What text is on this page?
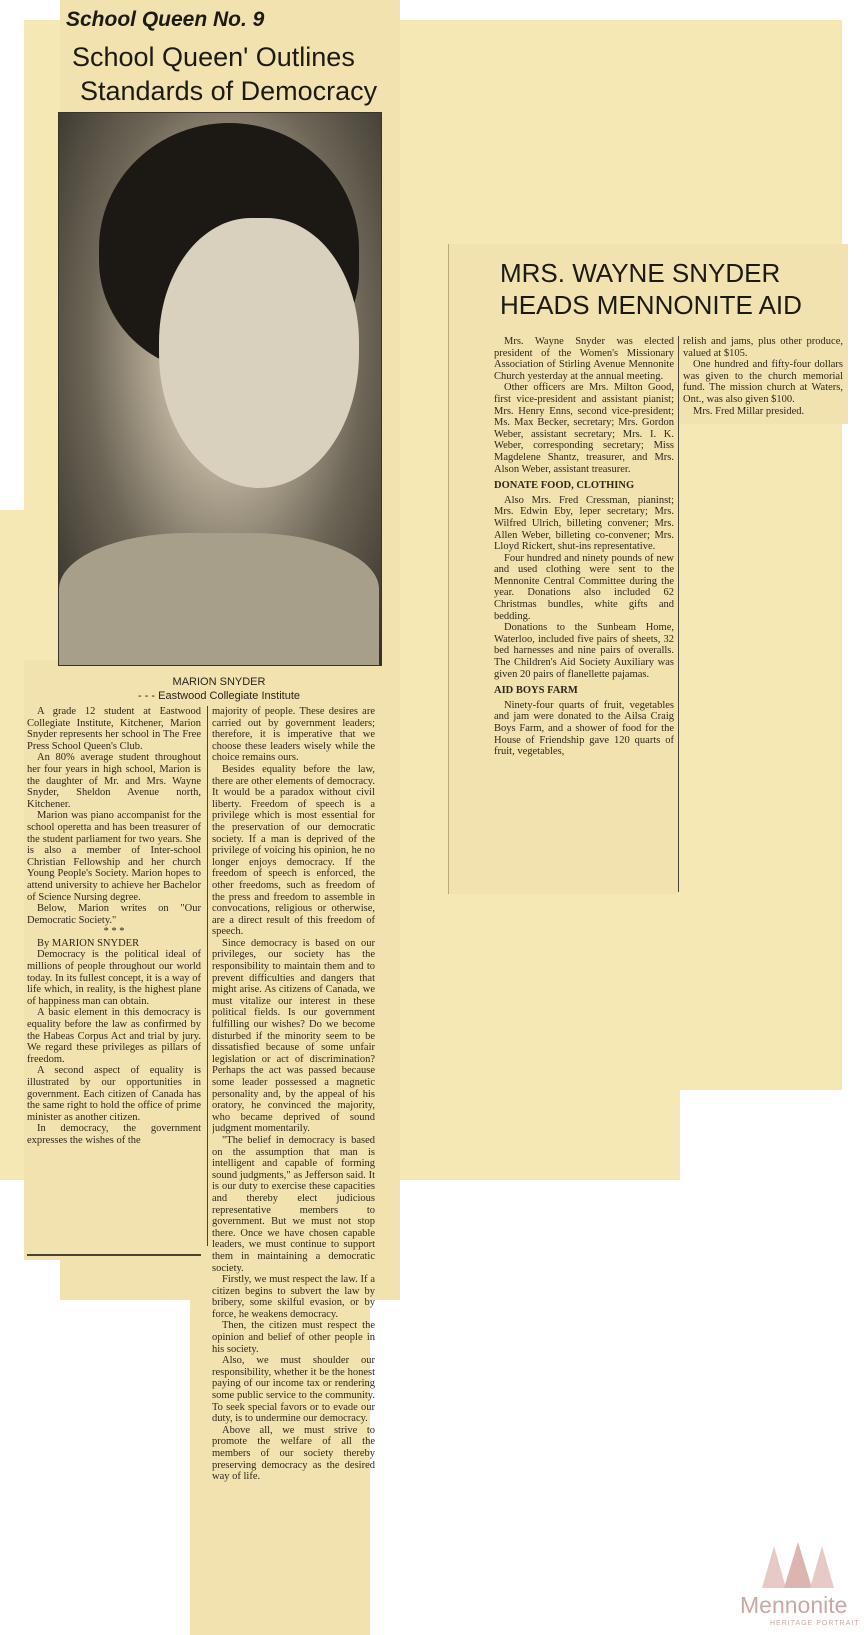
School Queen No. 9
School Queen' Outlines
Standards of Democracy
MARION SNYDER
- - - Eastwood Collegiate Institute

A grade 12 student at Eastwood Collegiate Institute, Kitchener, Marion Snyder represents her school in The Free Press School Queen's Club.

An 80% average student throughout her four years in high school, Marion is the daughter of Mr. and Mrs. Wayne Snyder, Sheldon Avenue north, Kitchener.

Marion was piano accompanist for the school operetta and has been treasurer of the student parliament for two years. She is also a member of Inter-school Christian Fellowship and her church Young People's Society. Marion hopes to attend university to achieve her Bachelor of Science Nursing degree.

Below, Marion writes on "Our Democratic Society."

* * *

By MARION SNYDER

Democracy is the political ideal of millions of people throughout our world today. In its fullest concept, it is a way of life which, in reality, is the highest plane of happiness man can obtain.

A basic element in this democracy is equality before the law as confirmed by the Habeas Corpus Act and trial by jury. We regard these privileges as pillars of freedom.

A second aspect of equality is illustrated by our opportunities in government. Each citizen of Canada has the same right to hold the office of prime minister as another citizen.

In democracy, the government expresses the wishes of the

majority of people. These desires are carried out by government leaders; therefore, it is imperative that we choose these leaders wisely while the choice remains ours.

Besides equality before the law, there are other elements of democracy. It would be a paradox without civil liberty. Freedom of speech is a privilege which is most essential for the preservation of our democratic society. If a man is deprived of the privilege of voicing his opinion, he no longer enjoys democracy. If the freedom of speech is enforced, the other freedoms, such as freedom of the press and freedom to assemble in convocations, religious or otherwise, are a direct result of this freedom of speech.

Since democracy is based on our privileges, our society has the responsibility to maintain them and to prevent difficulties and dangers that might arise. As citizens of Canada, we must vitalize our interest in these political fields. Is our government fulfilling our wishes? Do we become disturbed if the minority seem to be dissatisfied because of some unfair legislation or act of discrimination? Perhaps the act was passed because some leader possessed a magnetic personality and, by the appeal of his oratory, he convinced the majority, who became deprived of sound judgment momentarily.

"The belief in democracy is based on the assumption that man is intelligent and capable of forming sound judgments," as Jefferson said. It is our duty to exercise these capacities and thereby elect judicious representative members to government. But we must not stop there. Once we have chosen capable leaders, we must continue to support them in maintaining a democratic society.

Firstly, we must respect the law. If a citizen begins to subvert the law by bribery, some skilful evasion, or by force, he weakens democracy.

Then, the citizen must respect the opinion and belief of other people in his society.

Also, we must shoulder our responsibility, whether it be the honest paying of our income tax or rendering some public service to the community. To seek special favors or to evade our duty, is to undermine our democracy.

Above all, we must strive to promote the welfare of all the members of our society thereby preserving democracy as the desired way of life.

MRS. WAYNE SNYDER
HEADS MENNONITE AID

Mrs. Wayne Snyder was elected president of the Women's Missionary Association of Stirling Avenue Mennonite Church yesterday at the annual meeting.

Other officers are Mrs. Milton Good, first vice-president and assistant pianist; Mrs. Henry Enns, second vice-president; Ms. Max Becker, secretary; Mrs. Gordon Weber, assistant secretary; Mrs. I. K. Weber, corresponding secretary; Miss Magdelene Shantz, treasurer, and Mrs. Alson Weber, assistant treasurer.

DONATE FOOD, CLOTHING

Also Mrs. Fred Cressman, pianinst; Mrs. Edwin Eby, leper secretary; Mrs. Wilfred Ulrich, billeting convener; Mrs. Allen Weber, billeting co-convener; Mrs. Lloyd Rickert, shut-ins representative.

Four hundred and ninety pounds of new and used clothing were sent to the Mennonite Central Committee during the year. Donations also included 62 Christmas bundles, white gifts and bedding.

Donations to the Sunbeam Home, Waterloo, included five pairs of sheets, 32 bed harnesses and nine pairs of overalls. The Children's Aid Society Auxiliary was given 20 pairs of flanellette pajamas.

AID BOYS FARM

Ninety-four quarts of fruit, vegetables and jam were donated to the Ailsa Craig Boys Farm, and a shower of food for the House of Friendship gave 120 quarts of fruit, vegetables,

relish and jams, plus other produce, valued at $105.

One hundred and fifty-four dollars was given to the church memorial fund. The mission church at Waters, Ont., was also given $100.

Mrs. Fred Millar presided.

Mennonite
HERITAGE PORTRAIT
